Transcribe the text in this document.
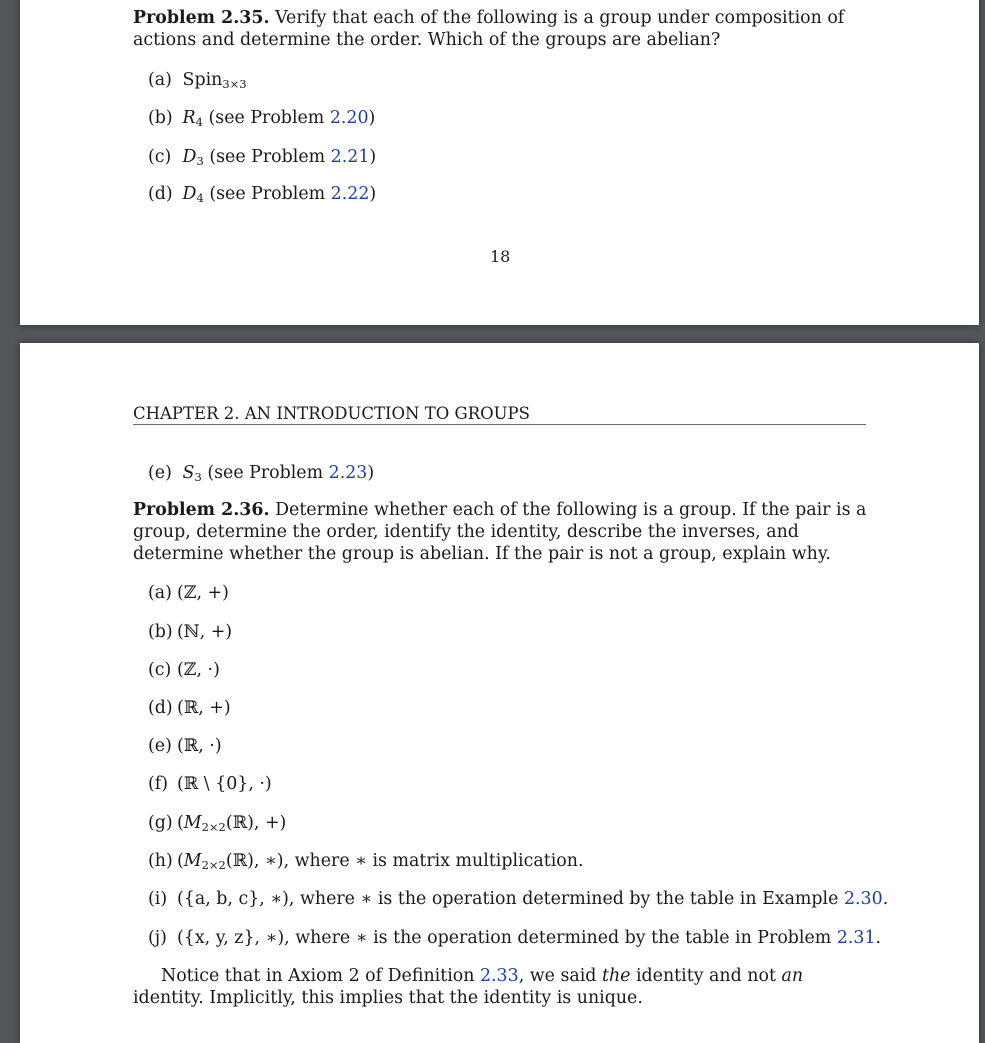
Problem 2.35. Verify that each of the following is a group under composition of actions and determine the order. Which of the groups are abelian?
(a) Spin$_{3\times 3}$
(b) $R_4$ (see Problem 2.20)
(c) $D_3$ (see Problem 2.21)
(d) $D_4$ (see Problem 2.22)
18
CHAPTER 2. AN INTRODUCTION TO GROUPS
(e) $S_3$ (see Problem 2.23)
Problem 2.36. Determine whether each of the following is a group. If the pair is a group, determine the order, identify the identity, describe the inverses, and determine whether the group is abelian. If the pair is not a group, explain why.
(a) (ℤ, +)
(b) (ℕ, +)
(c) (ℤ, ·)
(d) (ℝ, +)
(e) (ℝ, ·)
(f) (ℝ \ {0}, ·)
(g) ($M_{2\times 2}(ℝ)$, +)
(h) ($M_{2\times 2}(ℝ)$, ∗), where ∗ is matrix multiplication.
(i) ({a, b, c}, ∗), where ∗ is the operation determined by the table in Example 2.30.
(j) ({x, y, z}, ∗), where ∗ is the operation determined by the table in Problem 2.31.
Notice that in Axiom 2 of Definition 2.33, we said the identity and not an identity. Implicitly, this implies that the identity is unique.
